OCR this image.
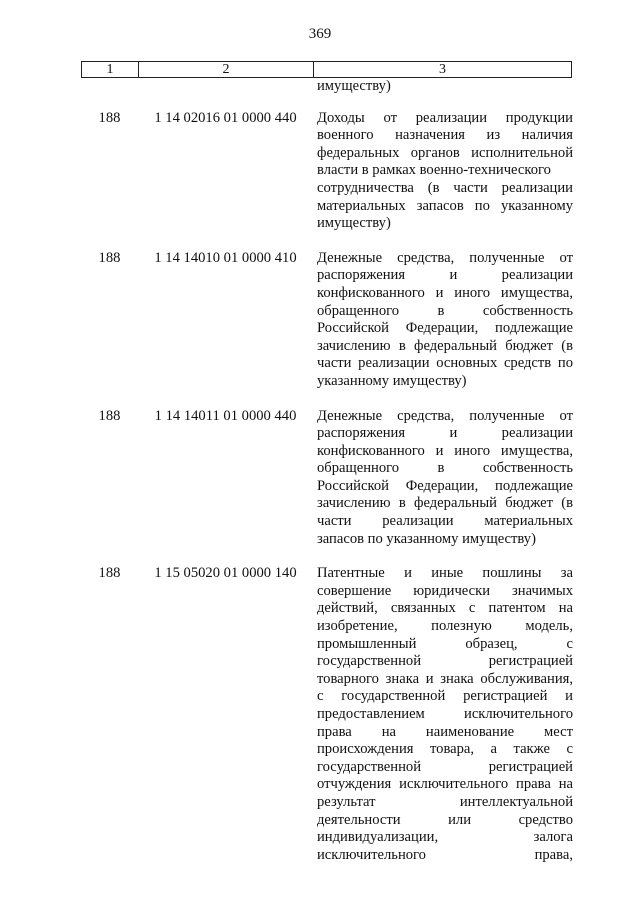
369
1	2	3
имуществу)
188	1 14 02016 01 0000 440	Доходы от реализации продукции
военного назначения из наличия
федеральных органов исполнительной
власти в рамках военно-технического
сотрудничества (в части реализации
материальных запасов по указанному
имуществу)
188	1 14 14010 01 0000 410	Денежные средства, полученные от
распоряжения и реализации
конфискованного и иного имущества,
обращенного в собственность
Российской Федерации, подлежащие
зачислению в федеральный бюджет (в
части реализации основных средств по
указанному имуществу)
188	1 14 14011 01 0000 440	Денежные средства, полученные от
распоряжения и реализации
конфискованного и иного имущества,
обращенного в собственность
Российской Федерации, подлежащие
зачислению в федеральный бюджет (в
части реализации материальных
запасов по указанному имуществу)
188	1 15 05020 01 0000 140	Патентные и иные пошлины за
совершение юридически значимых
действий, связанных с патентом на
изобретение, полезную модель,
промышленный образец, с
государственной регистрацией
товарного знака и знака обслуживания,
с государственной регистрацией и
предоставлением исключительного
права на наименование мест
происхождения товара, а также с
государственной регистрацией
отчуждения исключительного права на
результат интеллектуальной
деятельности или средство
индивидуализации, залога
исключительного права,
